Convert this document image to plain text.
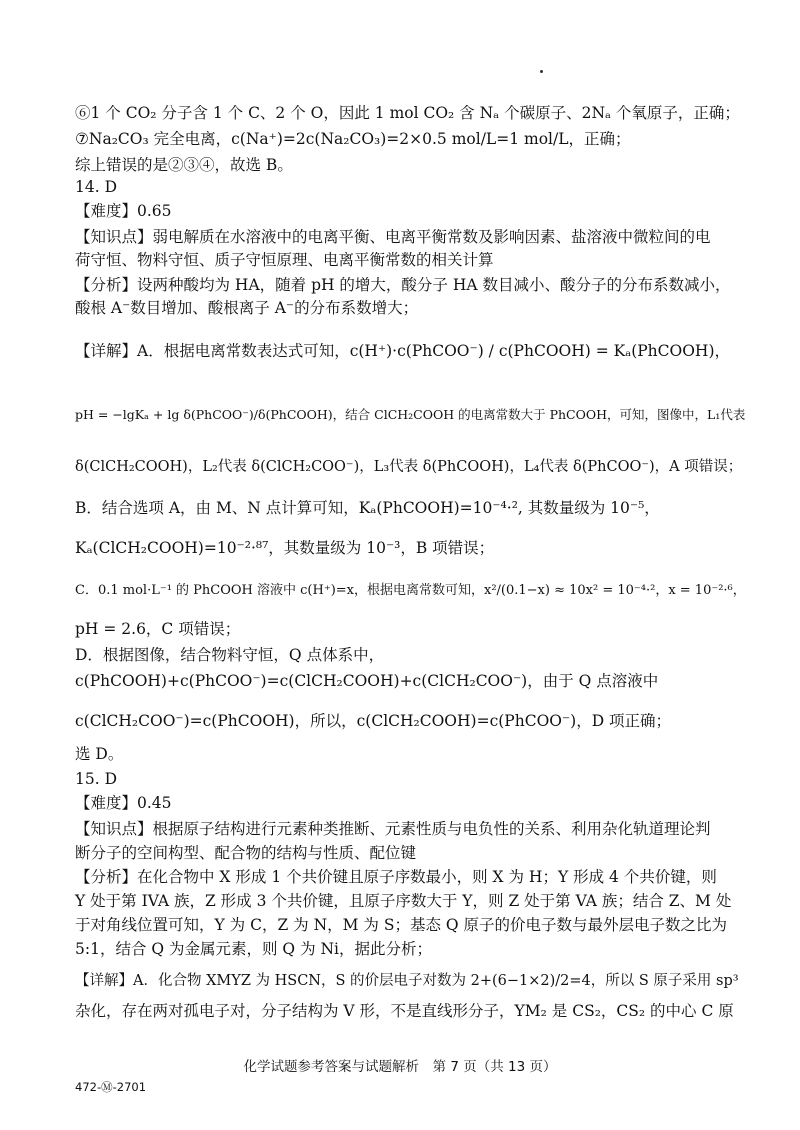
⑥1 个 CO₂ 分子含 1 个 C、2 个 O，因此 1 mol CO₂ 含 Nₐ 个碳原子、2Nₐ 个氧原子，正确；
⑦Na₂CO₃ 完全电离，c(Na⁺)=2c(Na₂CO₃)=2×0.5 mol/L=1 mol/L，正确；
综上错误的是②③④，故选 B。
14. D
【难度】0.65
【知识点】弱电解质在水溶液中的电离平衡、电离平衡常数及影响因素、盐溶液中微粒间的电
荷守恒、物料守恒、质子守恒原理、电离平衡常数的相关计算
【分析】设两种酸均为 HA，随着 pH 的增大，酸分子 HA 数目减小、酸分子的分布系数减小，
酸根 A⁻数目增加、酸根离子 A⁻的分布系数增大；
【详解】A．根据电离常数表达式可知，c(H⁺)·c(PhCOO⁻) / c(PhCOOH) = Kₐ(PhCOOH)，
pH = −lgKₐ + lg δ(PhCOO⁻)/δ(PhCOOH)，结合 ClCH₂COOH 的电离常数大于 PhCOOH，可知，图像中，L₁代表
δ(ClCH₂COOH)，L₂代表 δ(ClCH₂COO⁻)，L₃代表 δ(PhCOOH)，L₄代表 δ(PhCOO⁻)，A 项错误；
B．结合选项 A，由 M、N 点计算可知，Kₐ(PhCOOH)=10⁻⁴·², 其数量级为 10⁻⁵，
Kₐ(ClCH₂COOH)=10⁻²·⁸⁷，其数量级为 10⁻³，B 项错误；
C．0.1 mol·L⁻¹ 的 PhCOOH 溶液中 c(H⁺)=x，根据电离常数可知，x²/(0.1−x) ≈ 10x² = 10⁻⁴·²，x = 10⁻²·⁶，
pH = 2.6，C 项错误；
D．根据图像，结合物料守恒，Q 点体系中，
c(PhCOOH)+c(PhCOO⁻)=c(ClCH₂COOH)+c(ClCH₂COO⁻)，由于 Q 点溶液中
c(ClCH₂COO⁻)=c(PhCOOH)，所以，c(ClCH₂COOH)=c(PhCOO⁻)，D 项正确；
选 D。
15. D
【难度】0.45
【知识点】根据原子结构进行元素种类推断、元素性质与电负性的关系、利用杂化轨道理论判
断分子的空间构型、配合物的结构与性质、配位键
【分析】在化合物中 X 形成 1 个共价键且原子序数最小，则 X 为 H；Y 形成 4 个共价键，则
Y 处于第 IVA 族，Z 形成 3 个共价键，且原子序数大于 Y，则 Z 处于第 VA 族；结合 Z、M 处
于对角线位置可知，Y 为 C，Z 为 N，M 为 S；基态 Q 原子的价电子数与最外层电子数之比为
5:1，结合 Q 为金属元素，则 Q 为 Ni，据此分析；
【详解】A．化合物 XMYZ 为 HSCN，S 的价层电子对数为 2+(6−1×2)/2=4，所以 S 原子采用 sp³
杂化，存在两对孤电子对，分子结构为 V 形，不是直线形分子，YM₂ 是 CS₂，CS₂ 的中心 C 原
化学试题参考答案与试题解析　第 7 页（共 13 页）
472-Ⓜ-2701
